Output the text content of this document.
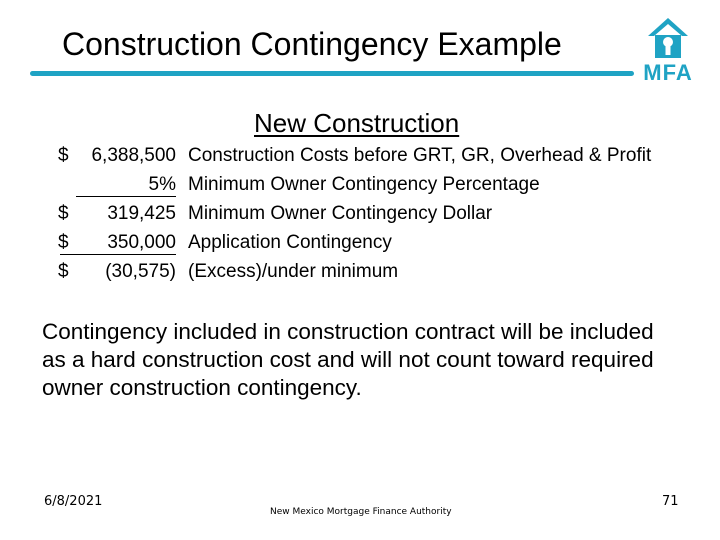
Construction Contingency Example
MFA
New Construction
$ 6,388,500 Construction Costs before GRT, GR, Overhead & Profit
5% Minimum Owner Contingency Percentage
$ 319,425 Minimum Owner Contingency Dollar
$ 350,000 Application Contingency
$ (30,575) (Excess)/under minimum
Contingency included in construction contract will be included as a hard construction cost and will not count toward required owner construction contingency.
6/8/2021
New Mexico Mortgage Finance Authority
71
